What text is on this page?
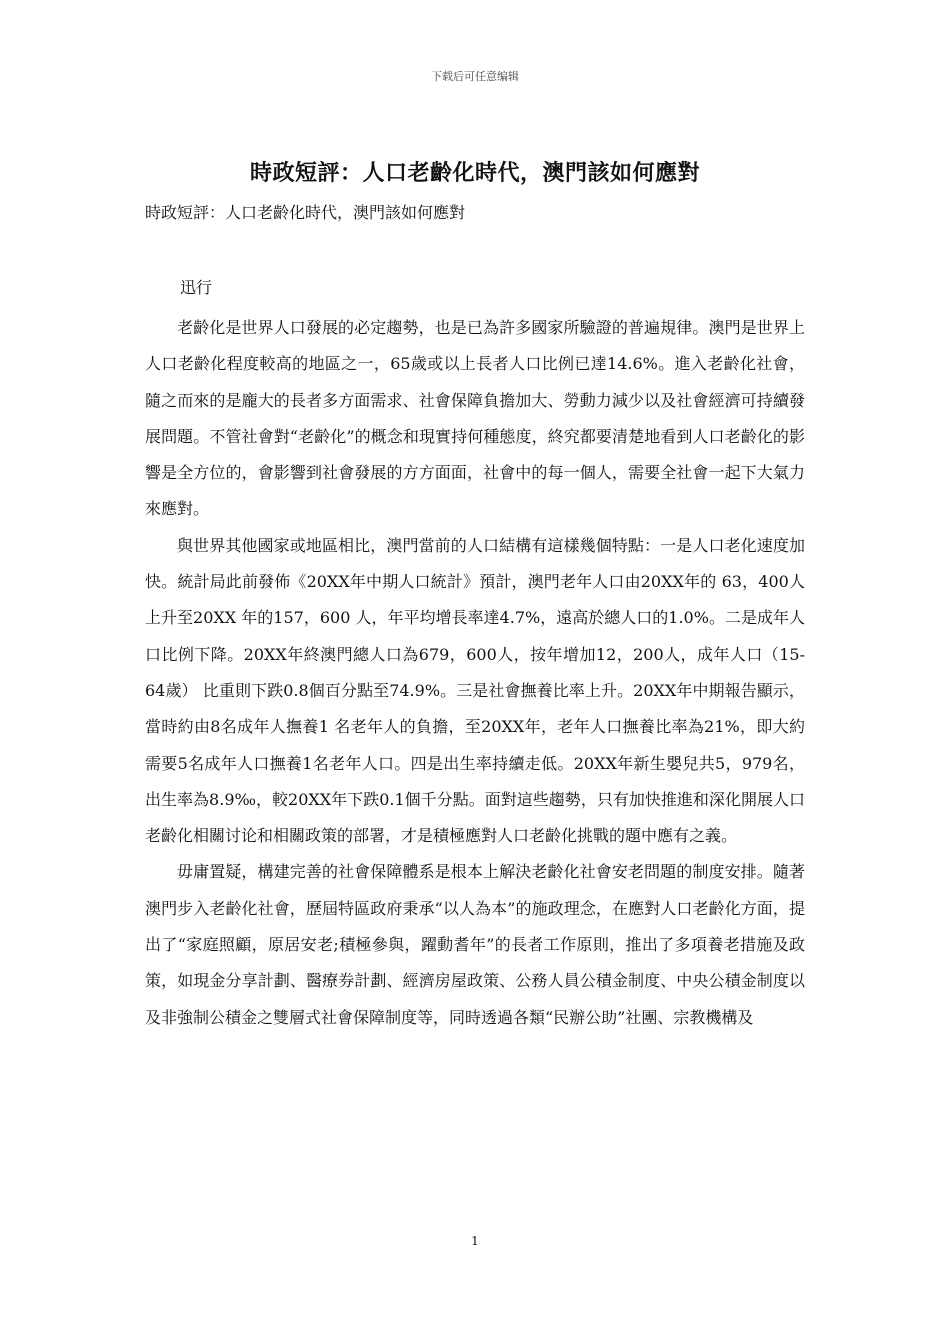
下载后可任意编辑
時政短評：人口老齡化時代，澳門該如何應對
時政短評：人口老齡化時代，澳門該如何應對
迅行

老齡化是世界人口發展的必定趨勢，也是已為許多國家所驗證的普遍規律。澳門是世界上人口老齡化程度較高的地區之一，65歲或以上長者人口比例已達14.6%。進入老齡化社會，隨之而來的是龐大的長者多方面需求、社會保障負擔加大、勞動力減少以及社會經濟可持續發展問題。不管社會對“老齡化”的概念和現實持何種態度，終究都要清楚地看到人口老齡化的影響是全方位的，會影響到社會發展的方方面面，社會中的每一個人，需要全社會一起下大氣力來應對。

與世界其他國家或地區相比，澳門當前的人口結構有這樣幾個特點：一是人口老化速度加快。統計局此前發佈《20XX年中期人口統計》預計，澳門老年人口由20XX年的 63，400人上升至20XX 年的157，600 人，年平均增長率達4.7%，遠高於總人口的1.0%。二是成年人口比例下降。20XX年終澳門總人口為679，600人，按年增加12，200人，成年人口（15-64歲） 比重則下跌0.8個百分點至74.9%。三是社會撫養比率上升。20XX年中期報告顯示，當時約由8名成年人撫養1 名老年人的負擔，至20XX年，老年人口撫養比率為21%，即大約需要5名成年人口撫養1名老年人口。四是出生率持續走低。20XX年新生嬰兒共5，979名，出生率為8.9‰，較20XX年下跌0.1個千分點。面對這些趨勢，只有加快推進和深化開展人口老齡化相關讨论和相關政策的部署，才是積極應對人口老齡化挑戰的題中應有之義。

毋庸置疑，構建完善的社會保障體系是根本上解決老齡化社會安老問題的制度安排。隨著澳門步入老齡化社會，歷屆特區政府秉承“以人為本”的施政理念，在應對人口老齡化方面，提出了“家庭照顧，原居安老;積極參與，躍動耆年”的長者工作原則，推出了多項養老措施及政策，如現金分享計劃、醫療券計劃、經濟房屋政策、公務人員公積金制度、中央公積金制度以及非強制公積金之雙層式社會保障制度等，同時透過各類“民辦公助”社團、宗教機構及

1
